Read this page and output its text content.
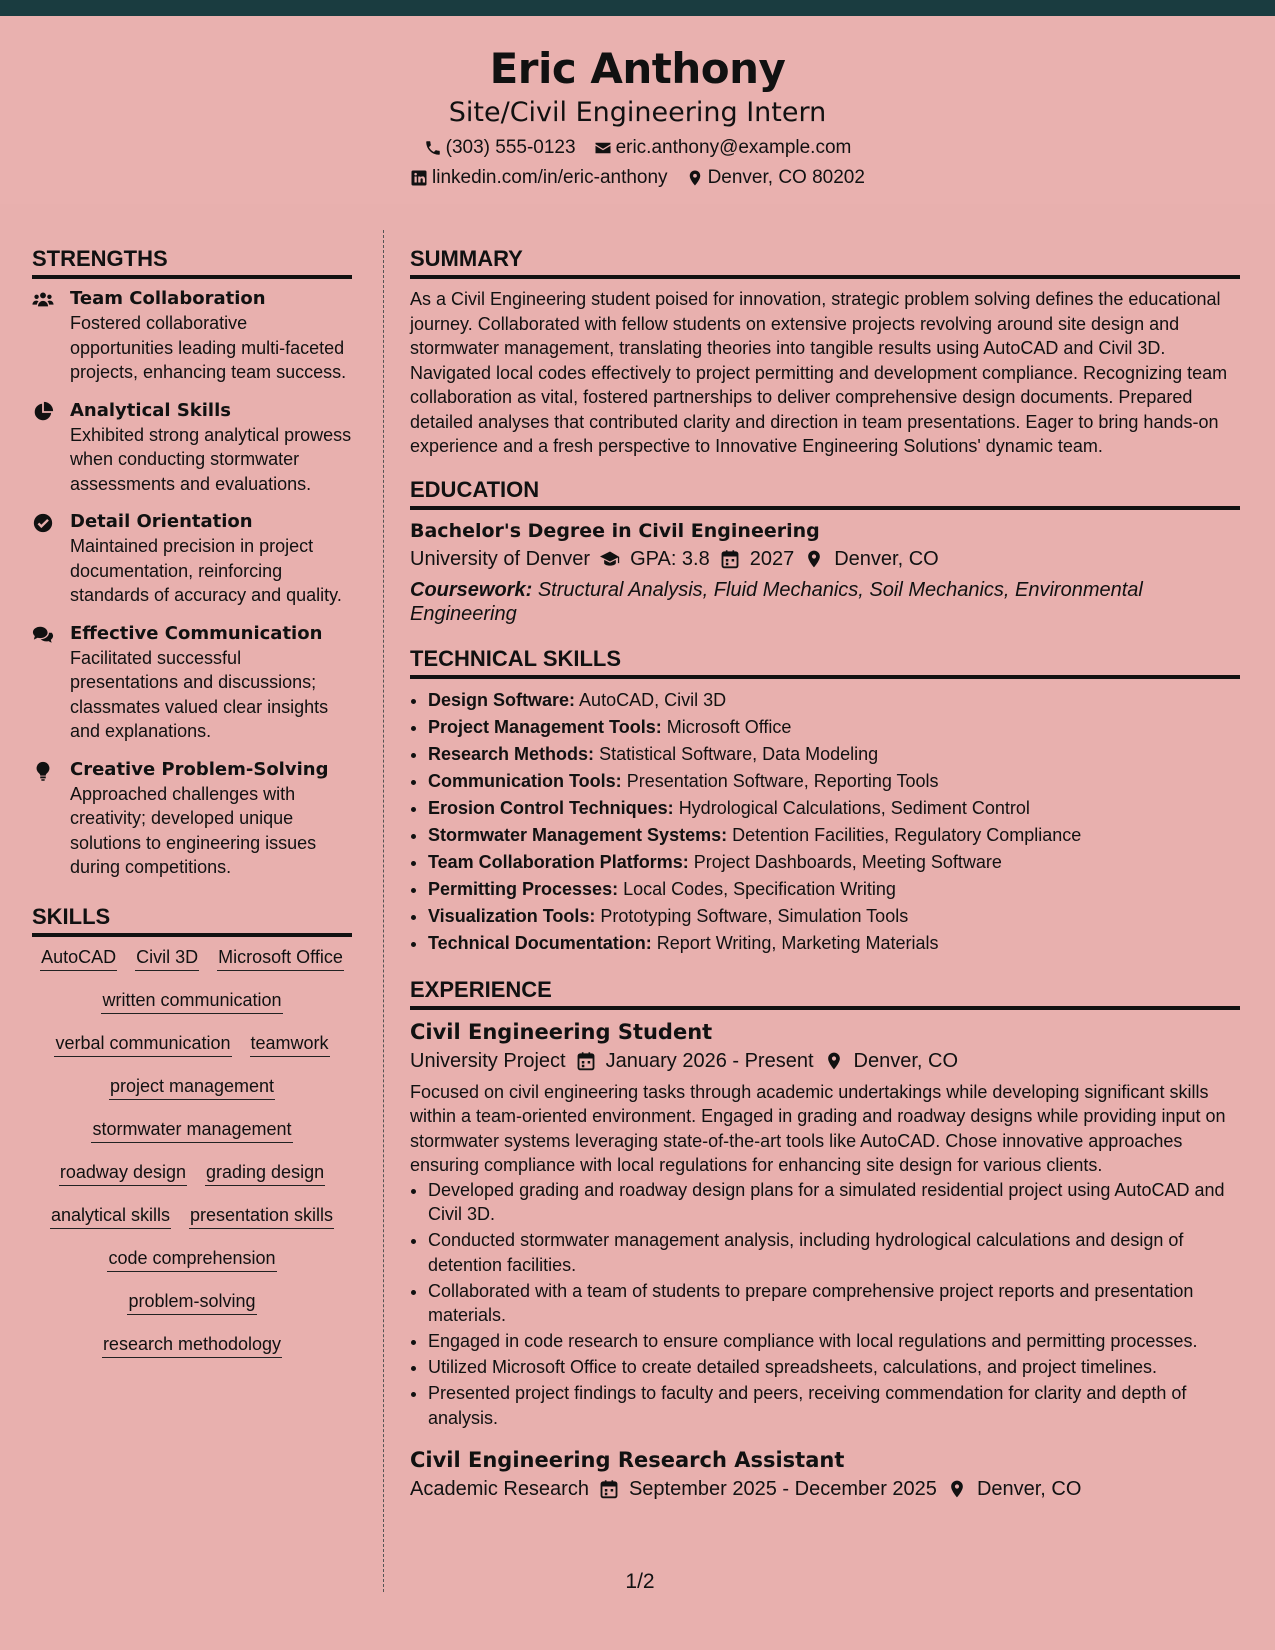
Eric Anthony
Site/Civil Engineering Intern
(303) 555-0123 eric.anthony@example.com
linkedin.com/in/eric-anthony Denver, CO 80202
STRENGTHS
Team Collaboration
Fostered collaborative opportunities leading multi-faceted projects, enhancing team success.
Analytical Skills
Exhibited strong analytical prowess when conducting stormwater assessments and evaluations.
Detail Orientation
Maintained precision in project documentation, reinforcing standards of accuracy and quality.
Effective Communication
Facilitated successful presentations and discussions; classmates valued clear insights and explanations.
Creative Problem-Solving
Approached challenges with creativity; developed unique solutions to engineering issues during competitions.
SKILLS
AutoCAD Civil 3D Microsoft Office
written communication
verbal communication teamwork
project management
stormwater management
roadway design grading design
analytical skills presentation skills
code comprehension
problem-solving
research methodology
SUMMARY
As a Civil Engineering student poised for innovation, strategic problem solving defines the educational journey. Collaborated with fellow students on extensive projects revolving around site design and stormwater management, translating theories into tangible results using AutoCAD and Civil 3D. Navigated local codes effectively to project permitting and development compliance. Recognizing team collaboration as vital, fostered partnerships to deliver comprehensive design documents. Prepared detailed analyses that contributed clarity and direction in team presentations. Eager to bring hands-on experience and a fresh perspective to Innovative Engineering Solutions' dynamic team.
EDUCATION
Bachelor's Degree in Civil Engineering
University of Denver GPA: 3.8 2027 Denver, CO
Coursework: Structural Analysis, Fluid Mechanics, Soil Mechanics, Environmental Engineering
TECHNICAL SKILLS
• Design Software: AutoCAD, Civil 3D
• Project Management Tools: Microsoft Office
• Research Methods: Statistical Software, Data Modeling
• Communication Tools: Presentation Software, Reporting Tools
• Erosion Control Techniques: Hydrological Calculations, Sediment Control
• Stormwater Management Systems: Detention Facilities, Regulatory Compliance
• Team Collaboration Platforms: Project Dashboards, Meeting Software
• Permitting Processes: Local Codes, Specification Writing
• Visualization Tools: Prototyping Software, Simulation Tools
• Technical Documentation: Report Writing, Marketing Materials
EXPERIENCE
Civil Engineering Student
University Project January 2026 - Present Denver, CO
Focused on civil engineering tasks through academic undertakings while developing significant skills within a team-oriented environment. Engaged in grading and roadway designs while providing input on stormwater systems leveraging state-of-the-art tools like AutoCAD. Chose innovative approaches ensuring compliance with local regulations for enhancing site design for various clients.
• Developed grading and roadway design plans for a simulated residential project using AutoCAD and Civil 3D.
• Conducted stormwater management analysis, including hydrological calculations and design of detention facilities.
• Collaborated with a team of students to prepare comprehensive project reports and presentation materials.
• Engaged in code research to ensure compliance with local regulations and permitting processes.
• Utilized Microsoft Office to create detailed spreadsheets, calculations, and project timelines.
• Presented project findings to faculty and peers, receiving commendation for clarity and depth of analysis.
Civil Engineering Research Assistant
Academic Research September 2025 - December 2025 Denver, CO
1/2
